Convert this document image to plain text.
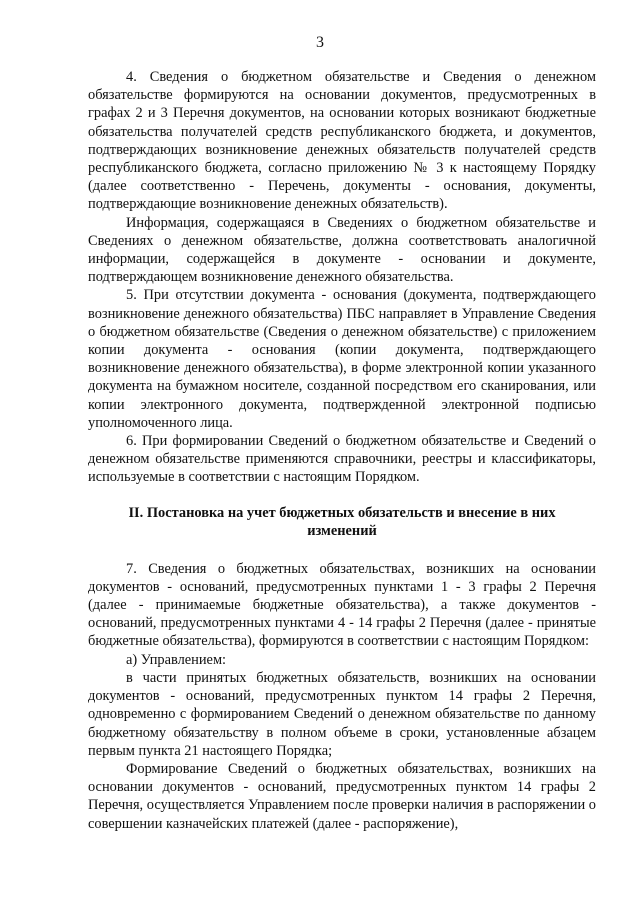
3

4. Сведения о бюджетном обязательстве и Сведения о денежном обязательстве формируются на основании документов, предусмотренных в графах 2 и 3 Перечня документов, на основании которых возникают бюджетные обязательства получателей средств республиканского бюджета, и документов, подтверждающих возникновение денежных обязательств получателей средств республиканского бюджета, согласно приложению № 3 к настоящему Порядку (далее соответственно - Перечень, документы - основания, документы, подтверждающие возникновение денежных обязательств).

Информация, содержащаяся в Сведениях о бюджетном обязательстве и Сведениях о денежном обязательстве, должна соответствовать аналогичной информации, содержащейся в документе - основании и документе, подтверждающем возникновение денежного обязательства.

5. При отсутствии документа - основания (документа, подтверждающего возникновение денежного обязательства) ПБС направляет в Управление Сведения о бюджетном обязательстве (Сведения о денежном обязательстве) с приложением копии документа - основания (копии документа, подтверждающего возникновение денежного обязательства), в форме электронной копии указанного документа на бумажном носителе, созданной посредством его сканирования, или копии электронного документа, подтвержденной электронной подписью уполномоченного лица.

6. При формировании Сведений о бюджетном обязательстве и Сведений о денежном обязательстве применяются справочники, реестры и классификаторы, используемые в соответствии с настоящим Порядком.

II. Постановка на учет бюджетных обязательств и внесение в них изменений

7. Сведения о бюджетных обязательствах, возникших на основании документов - оснований, предусмотренных пунктами 1 - 3 графы 2 Перечня (далее - принимаемые бюджетные обязательства), а также документов - оснований, предусмотренных пунктами 4 - 14 графы 2 Перечня (далее - принятые бюджетные обязательства), формируются в соответствии с настоящим Порядком:

а) Управлением:

в части принятых бюджетных обязательств, возникших на основании документов - оснований, предусмотренных пунктом 14 графы 2 Перечня, одновременно с формированием Сведений о денежном обязательстве по данному бюджетному обязательству в полном объеме в сроки, установленные абзацем первым пункта 21 настоящего Порядка;

Формирование Сведений о бюджетных обязательствах, возникших на основании документов - оснований, предусмотренных пунктом 14 графы 2 Перечня, осуществляется Управлением после проверки наличия в распоряжении о совершении казначейских платежей (далее - распоряжение),
